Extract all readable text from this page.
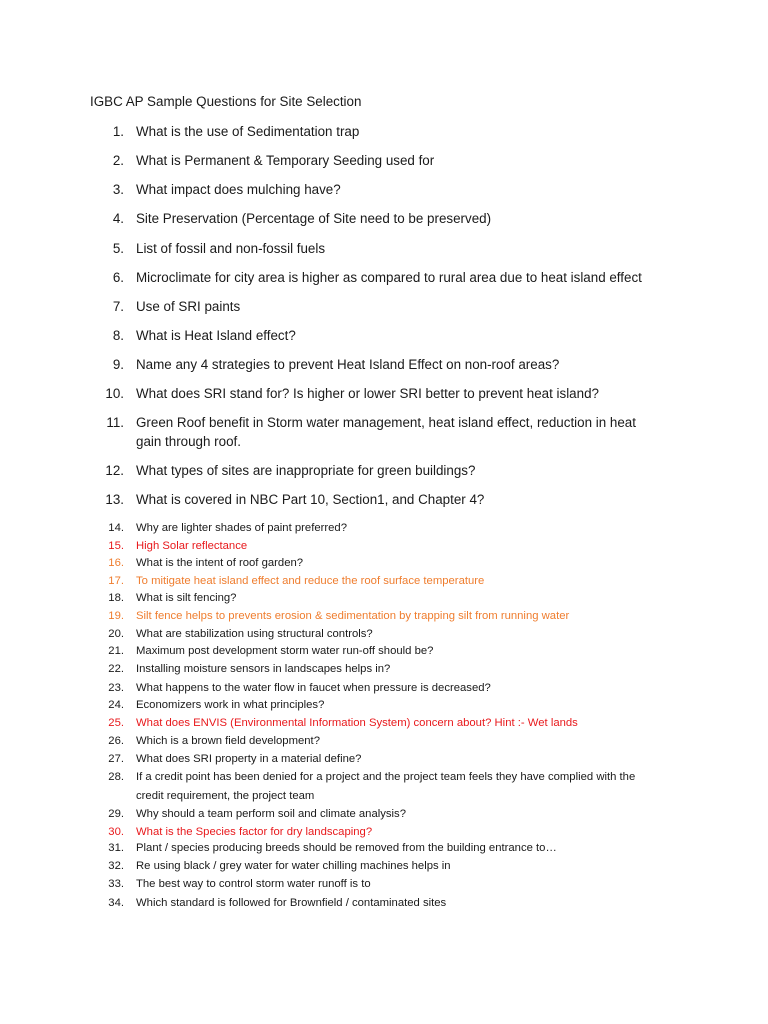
IGBC AP Sample Questions for Site Selection
1. What is the use of Sedimentation trap
2. What is Permanent & Temporary Seeding used for
3. What impact does mulching have?
4. Site Preservation (Percentage of Site need to be preserved)
5. List of fossil and non-fossil fuels
6. Microclimate for city area is higher as compared to rural area due to heat island effect
7. Use of SRI paints
8. What is Heat Island effect?
9. Name any 4 strategies to prevent Heat Island Effect on non-roof areas?
10. What does SRI stand for? Is higher or lower SRI better to prevent heat island?
11. Green Roof benefit in Storm water management, heat island effect, reduction in heat gain through roof.
12. What types of sites are inappropriate for green buildings?
13. What is covered in NBC Part 10, Section1, and Chapter 4?
14. Why are lighter shades of paint preferred?
15. High Solar reflectance
16. What is the intent of roof garden?
17. To mitigate heat island effect and reduce the roof surface temperature
18. What is silt fencing?
19. Silt fence helps to prevents erosion & sedimentation by trapping silt from running water
20. What are stabilization using structural controls?
21. Maximum post development storm water run-off should be?
22. Installing moisture sensors in landscapes helps in?
23. What happens to the water flow in faucet when pressure is decreased?
24. Economizers work in what principles?
25. What does ENVIS (Environmental Information System) concern about? Hint :- Wet lands
26. Which is a brown field development?
27. What does SRI property in a material define?
28. If a credit point has been denied for a project and the project team feels they have complied with the credit requirement, the project team
29. Why should a team perform soil and climate analysis?
30. What is the Species factor for dry landscaping?
31. Plant / species producing breeds should be removed from the building entrance to…
32. Re using black / grey water for water chilling machines helps in
33. The best way to control storm water runoff is to
34. Which standard is followed for Brownfield / contaminated sites
